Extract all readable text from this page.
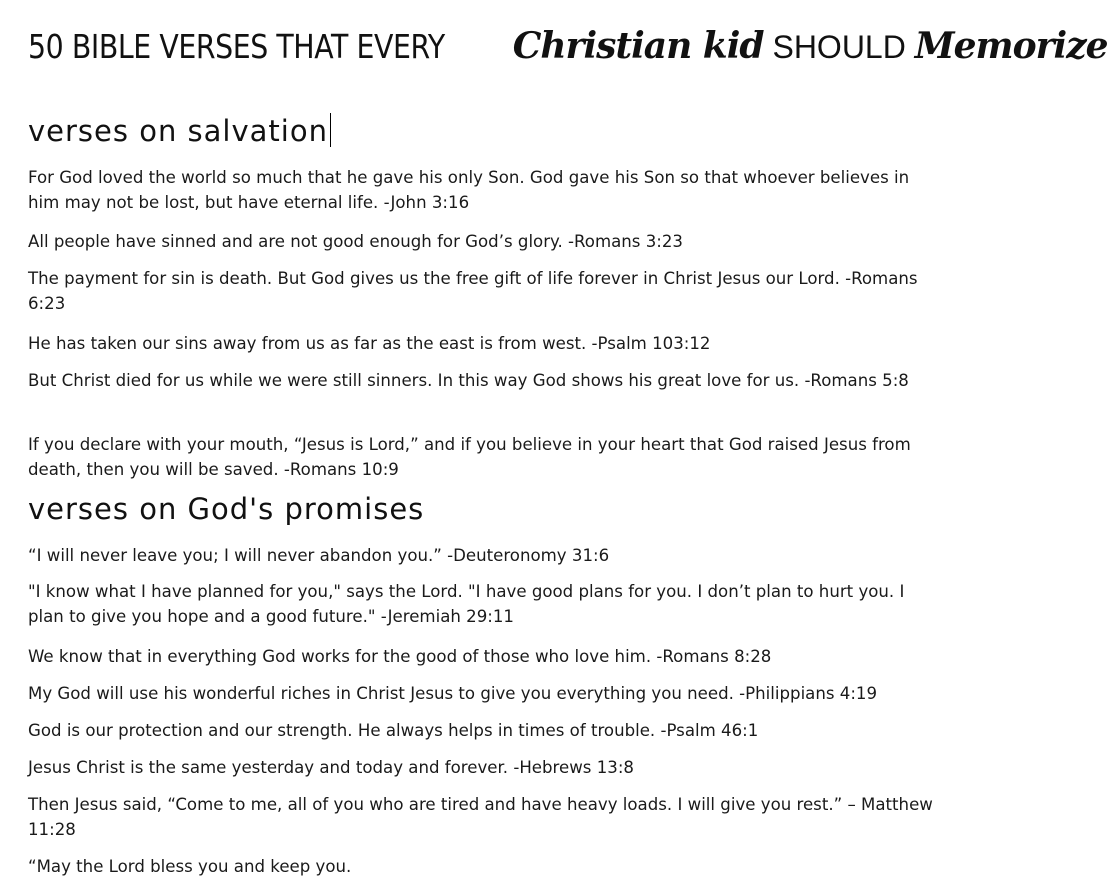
50 BIBLE VERSES THAT EVERYChristian kid SHOULD Memorize
verses on salvation
For God loved the world so much that he gave his only Son. God gave his Son so that whoever believes in him may not be lost, but have eternal life. -John 3:16
All people have sinned and are not good enough for God’s glory. -Romans 3:23
The payment for sin is death. But God gives us the free gift of life forever in Christ Jesus our Lord. -Romans 6:23
He has taken our sins away from us as far as the east is from west. -Psalm 103:12
But Christ died for us while we were still sinners. In this way God shows his great love for us. -Romans 5:8
If you declare with your mouth, “Jesus is Lord,” and if you believe in your heart that God raised Jesus from death, then you will be saved. -Romans 10:9
verses on God's promises
“I will never leave you; I will never abandon you.” -Deuteronomy 31:6
"I know what I have planned for you," says the Lord. "I have good plans for you. I don’t plan to hurt you. I plan to give you hope and a good future." -Jeremiah 29:11
We know that in everything God works for the good of those who love him. -Romans 8:28
My God will use his wonderful riches in Christ Jesus to give you everything you need. -Philippians 4:19
God is our protection and our strength. He always helps in times of trouble. -Psalm 46:1
Jesus Christ is the same yesterday and today and forever. -Hebrews 13:8
Then Jesus said, “Come to me, all of you who are tired and have heavy loads. I will give you rest.” – Matthew 11:28
“May the Lord bless you and keep you.
